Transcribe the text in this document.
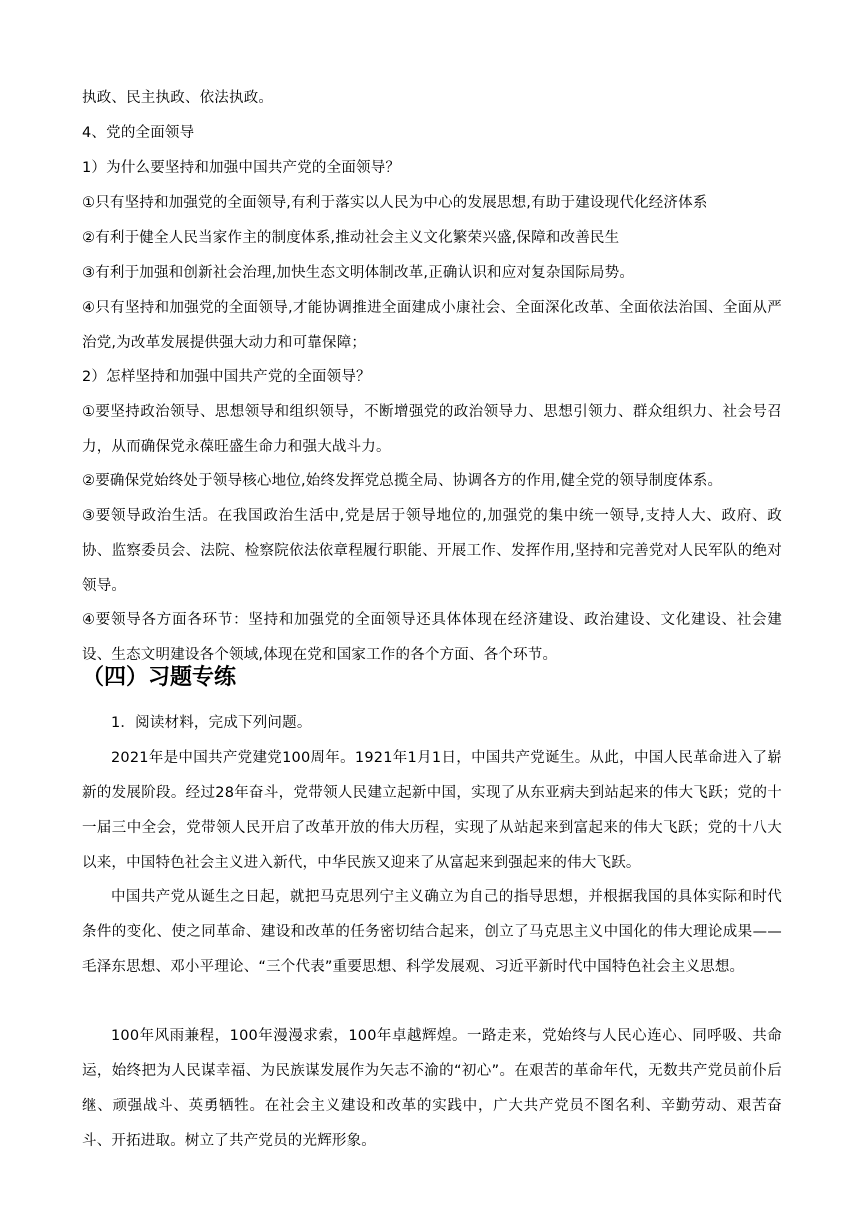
执政、民主执政、依法执政。

4、党的全面领导

1）为什么要坚持和加强中国共产党的全面领导？

①只有坚持和加强党的全面领导,有利于落实以人民为中心的发展思想,有助于建设现代化经济体系

②有利于健全人民当家作主的制度体系,推动社会主义文化繁荣兴盛,保障和改善民生

③有利于加强和创新社会治理,加快生态文明体制改革,正确认识和应对复杂国际局势。

④只有坚持和加强党的全面领导,才能协调推进全面建成小康社会、全面深化改革、全面依法治国、全面从严治党,为改革发展提供强大动力和可靠保障；

2）怎样坚持和加强中国共产党的全面领导？

①要坚持政治领导、思想领导和组织领导，不断增强党的政治领导力、思想引领力、群众组织力、社会号召力，从而确保党永葆旺盛生命力和强大战斗力。

②要确保党始终处于领导核心地位,始终发挥党总揽全局、协调各方的作用,健全党的领导制度体系。

③要领导政治生活。在我国政治生活中,党是居于领导地位的,加强党的集中统一领导,支持人大、政府、政协、监察委员会、法院、检察院依法依章程履行职能、开展工作、发挥作用,坚持和完善党对人民军队的绝对领导。

④要领导各方面各环节：坚持和加强党的全面领导还具体体现在经济建设、政治建设、文化建设、社会建设、生态文明建设各个领域,体现在党和国家工作的各个方面、各个环节。

（四）习题专练

1．阅读材料，完成下列问题。

2021年是中国共产党建党100周年。1921年1月1日，中国共产党诞生。从此，中国人民革命进入了崭新的发展阶段。经过28年奋斗，党带领人民建立起新中国，实现了从东亚病夫到站起来的伟大飞跃；党的十一届三中全会，党带领人民开启了改革开放的伟大历程，实现了从站起来到富起来的伟大飞跃；党的十八大以来，中国特色社会主义进入新代，中华民族又迎来了从富起来到强起来的伟大飞跃。

中国共产党从诞生之日起，就把马克思列宁主义确立为自己的指导思想，并根据我国的具体实际和时代条件的变化、使之同革命、建设和改革的任务密切结合起来，创立了马克思主义中国化的伟大理论成果——毛泽东思想、邓小平理论、“三个代表”重要思想、科学发展观、习近平新时代中国特色社会主义思想。

100年风雨兼程，100年漫漫求索，100年卓越辉煌。一路走来，党始终与人民心连心、同呼吸、共命运，始终把为人民谋幸福、为民族谋发展作为矢志不渝的“初心”。在艰苦的革命年代，无数共产党员前仆后继、顽强战斗、英勇牺牲。在社会主义建设和改革的实践中，广大共产党员不图名利、辛勤劳动、艰苦奋斗、开拓进取。树立了共产党员的光辉形象。
